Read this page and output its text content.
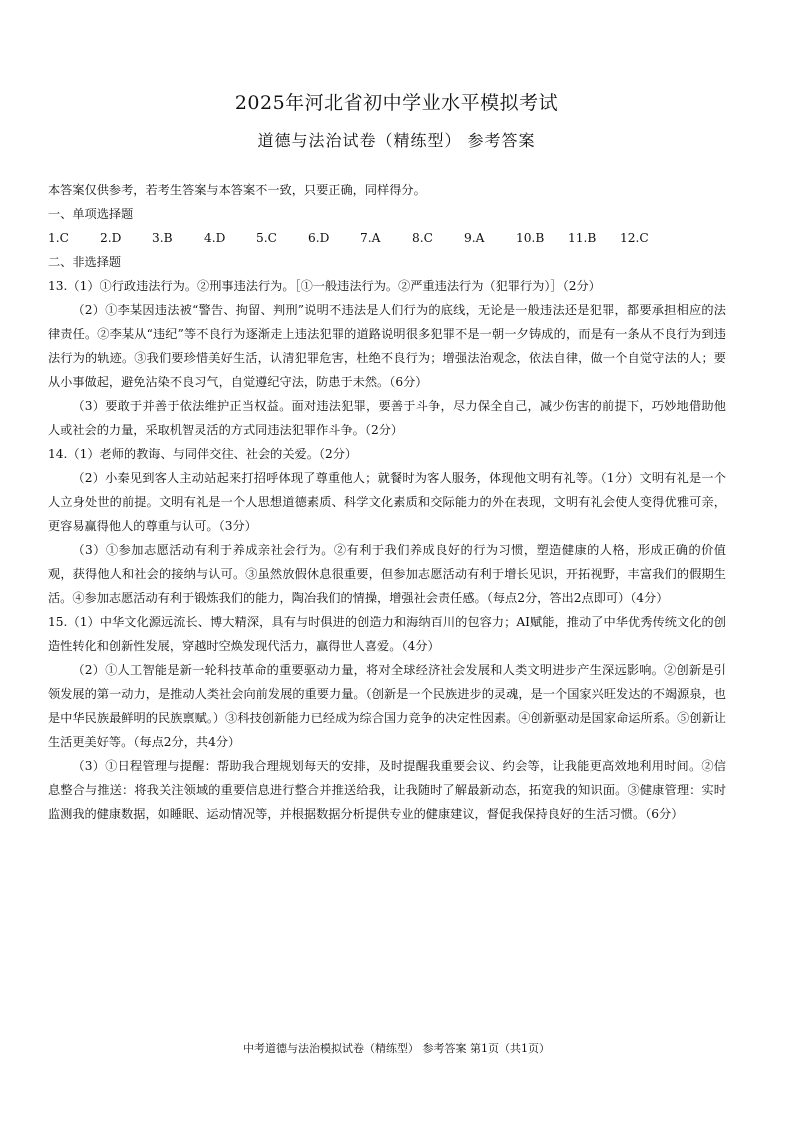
2025年河北省初中学业水平模拟考试
道德与法治试卷（精练型） 参考答案

本答案仅供参考，若考生答案与本答案不一致，只要正确，同样得分。

一、单项选择题

1.C	2.D	3.B	4.D	5.C	6.D	7.A	8.C	9.A	10.B	11.B	12.C

二、非选择题

13.（1）①行政违法行为。②刑事违法行为。［①一般违法行为。②严重违法行为（犯罪行为）］（2分）

（2）①李某因违法被“警告、拘留、判刑”说明不违法是人们行为的底线，无论是一般违法还是犯罪，都要承担相应的法律责任。②李某从“违纪”等不良行为逐渐走上违法犯罪的道路说明很多犯罪不是一朝一夕铸成的，而是有一条从不良行为到违法行为的轨迹。③我们要珍惜美好生活，认清犯罪危害，杜绝不良行为；增强法治观念，依法自律，做一个自觉守法的人；要从小事做起，避免沾染不良习气，自觉遵纪守法，防患于未然。（6分）

（3）要敢于并善于依法维护正当权益。面对违法犯罪，要善于斗争，尽力保全自己，减少伤害的前提下，巧妙地借助他人或社会的力量，采取机智灵活的方式同违法犯罪作斗争。（2分）

14.（1）老师的教诲、与同伴交往、社会的关爱。（2分）

（2）小秦见到客人主动站起来打招呼体现了尊重他人；就餐时为客人服务，体现他文明有礼等。（1分）文明有礼是一个人立身处世的前提。文明有礼是一个人思想道德素质、科学文化素质和交际能力的外在表现，文明有礼会使人变得优雅可亲，更容易赢得他人的尊重与认可。（3分）

（3）①参加志愿活动有利于养成亲社会行为。②有利于我们养成良好的行为习惯，塑造健康的人格，形成正确的价值观，获得他人和社会的接纳与认可。③虽然放假休息很重要，但参加志愿活动有利于增长见识，开拓视野，丰富我们的假期生活。④参加志愿活动有利于锻炼我们的能力，陶冶我们的情操，增强社会责任感。（每点2分，答出2点即可）（4分）

15.（1）中华文化源远流长、博大精深，具有与时俱进的创造力和海纳百川的包容力；AI赋能，推动了中华优秀传统文化的创造性转化和创新性发展，穿越时空焕发现代活力，赢得世人喜爱。（4分）

（2）①人工智能是新一轮科技革命的重要驱动力量，将对全球经济社会发展和人类文明进步产生深远影响。②创新是引领发展的第一动力，是推动人类社会向前发展的重要力量。（创新是一个民族进步的灵魂，是一个国家兴旺发达的不竭源泉，也是中华民族最鲜明的民族禀赋。）③科技创新能力已经成为综合国力竞争的决定性因素。④创新驱动是国家命运所系。⑤创新让生活更美好等。（每点2分，共4分）

（3）①日程管理与提醒：帮助我合理规划每天的安排，及时提醒我重要会议、约会等，让我能更高效地利用时间。②信息整合与推送：将我关注领域的重要信息进行整合并推送给我，让我随时了解最新动态，拓宽我的知识面。③健康管理：实时监测我的健康数据，如睡眠、运动情况等，并根据数据分析提供专业的健康建议，督促我保持良好的生活习惯。（6分）

中考道德与法治模拟试卷（精练型） 参考答案 第1页（共1页）
